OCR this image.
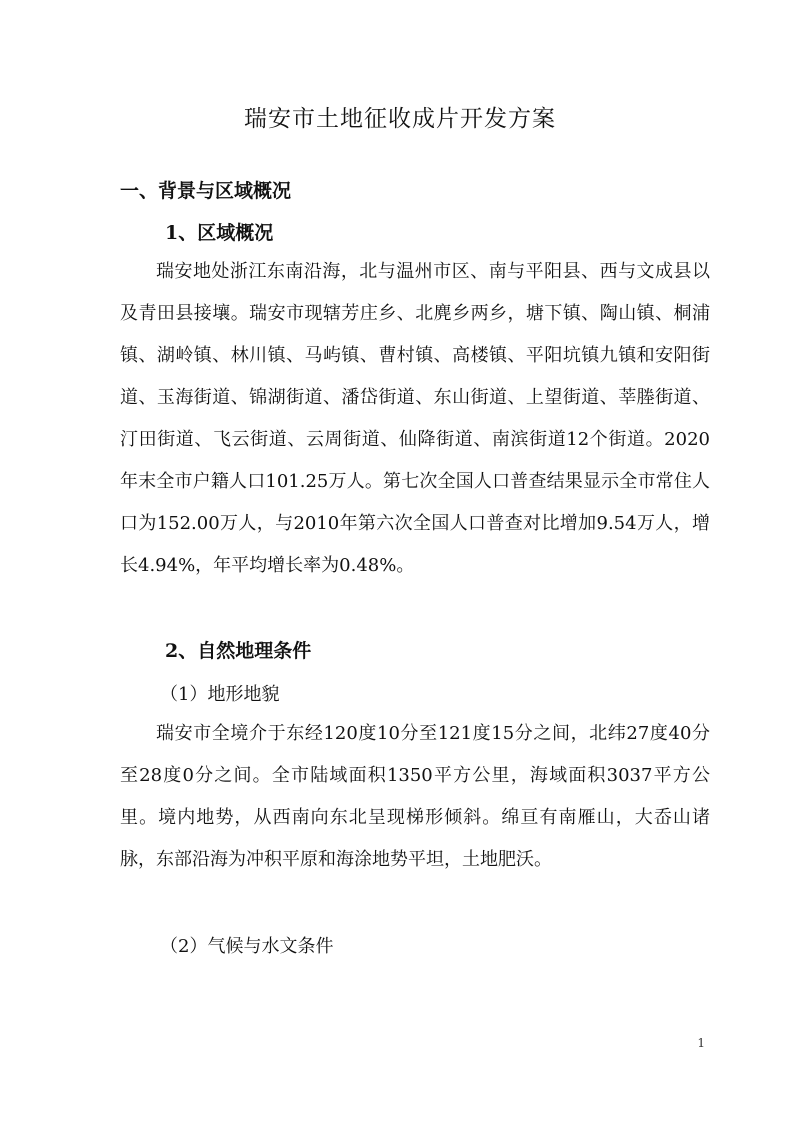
瑞安市土地征收成片开发方案
一、背景与区域概况
1、区域概况

瑞安地处浙江东南沿海，北与温州市区、南与平阳县、西与文成县以及青田县接壤。瑞安市现辖芳庄乡、北麂乡两乡，塘下镇、陶山镇、桐浦镇、湖岭镇、林川镇、马屿镇、曹村镇、高楼镇、平阳坑镇九镇和安阳街道、玉海街道、锦湖街道、潘岱街道、东山街道、上望街道、莘塍街道、汀田街道、飞云街道、云周街道、仙降街道、南滨街道12个街道。2020年末全市户籍人口101.25万人。第七次全国人口普查结果显示全市常住人口为152.00万人，与2010年第六次全国人口普查对比增加9.54万人，增长4.94%，年平均增长率为0.48%。

2、自然地理条件
（1）地形地貌

瑞安市全境介于东经120度10分至121度15分之间，北纬27度40分至28度0分之间。全市陆域面积1350平方公里，海域面积3037平方公里。境内地势，从西南向东北呈现梯形倾斜。绵亘有南雁山，大岙山诸脉，东部沿海为冲积平原和海涂地势平坦，土地肥沃。

（2）气候与水文条件
1
